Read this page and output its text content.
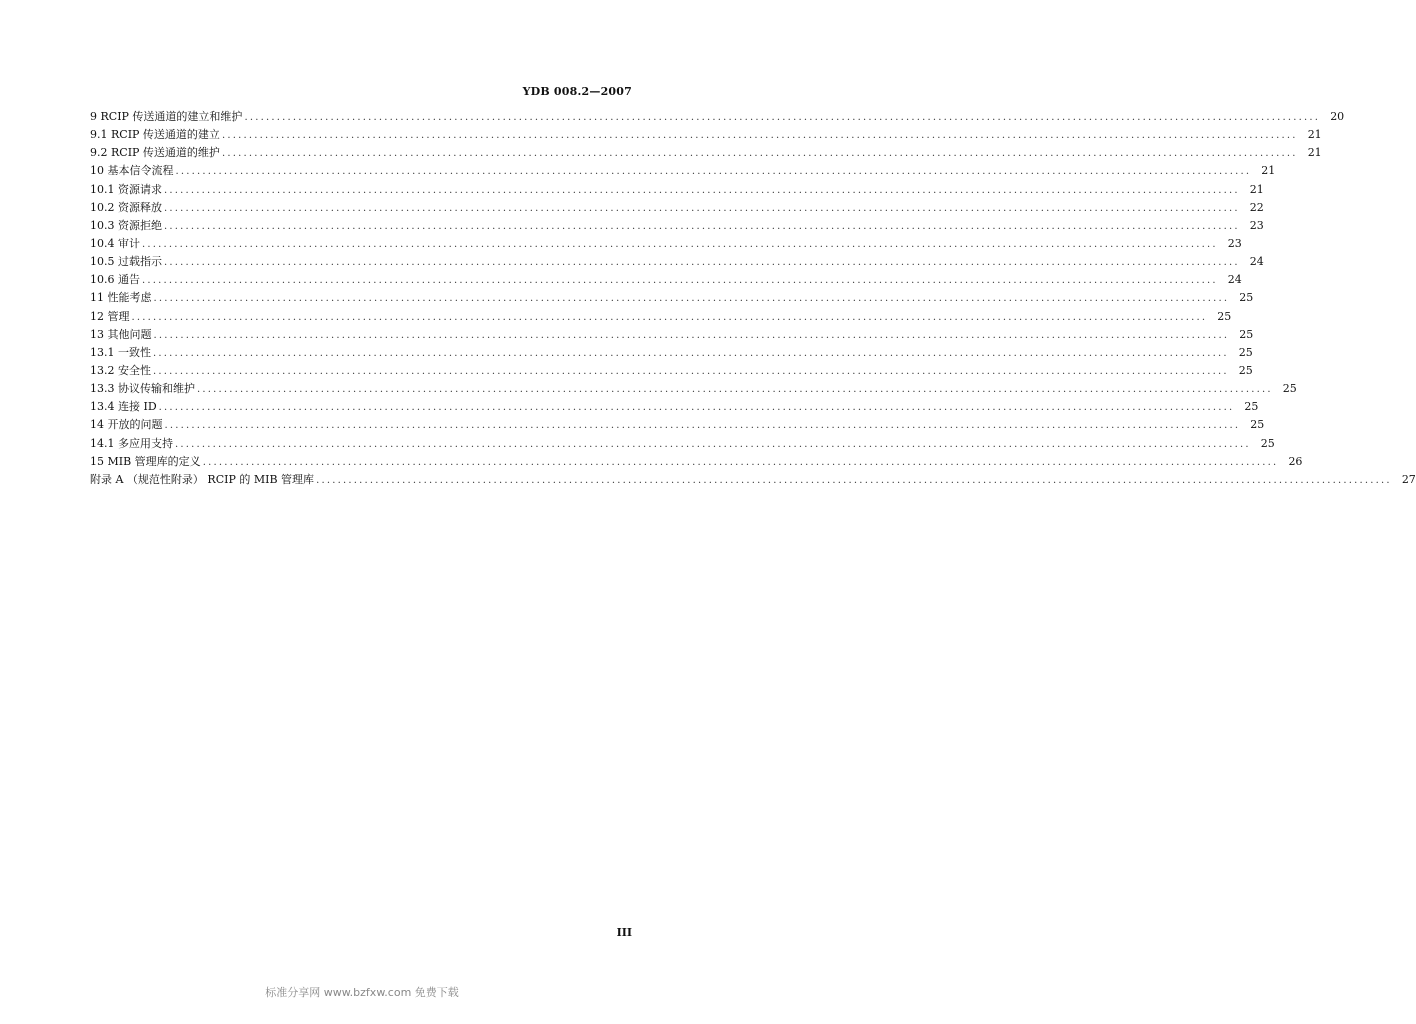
YDB 008.2—2007
9 RCIP 传送通道的建立和维护 ........................................................................................................................................................................................................ 20
9.1 RCIP 传送通道的建立 ........................................................................................................................................................................................................ 21
9.2 RCIP 传送通道的维护 ........................................................................................................................................................................................................ 21
10 基本信令流程 ........................................................................................................................................................................................................ 21
10.1 资源请求 ........................................................................................................................................................................................................ 21
10.2 资源释放 ........................................................................................................................................................................................................ 22
10.3 资源拒绝 ........................................................................................................................................................................................................ 23
10.4 审计 ........................................................................................................................................................................................................ 23
10.5 过载指示 ........................................................................................................................................................................................................ 24
10.6 通告 ........................................................................................................................................................................................................ 24
11 性能考虑 ........................................................................................................................................................................................................ 25
12 管理 ........................................................................................................................................................................................................ 25
13 其他问题 ........................................................................................................................................................................................................ 25
13.1 一致性 ........................................................................................................................................................................................................ 25
13.2 安全性 ........................................................................................................................................................................................................ 25
13.3 协议传输和维护 ........................................................................................................................................................................................................ 25
13.4 连接 ID ........................................................................................................................................................................................................ 25
14 开放的问题 ........................................................................................................................................................................................................ 25
14.1 多应用支持 ........................................................................................................................................................................................................ 25
15 MIB 管理库的定义 ........................................................................................................................................................................................................ 26
附录 A （规范性附录） RCIP 的 MIB 管理库 ........................................................................................................................................................................................................ 27
III
标准分享网 www.bzfxw.com 免费下载
